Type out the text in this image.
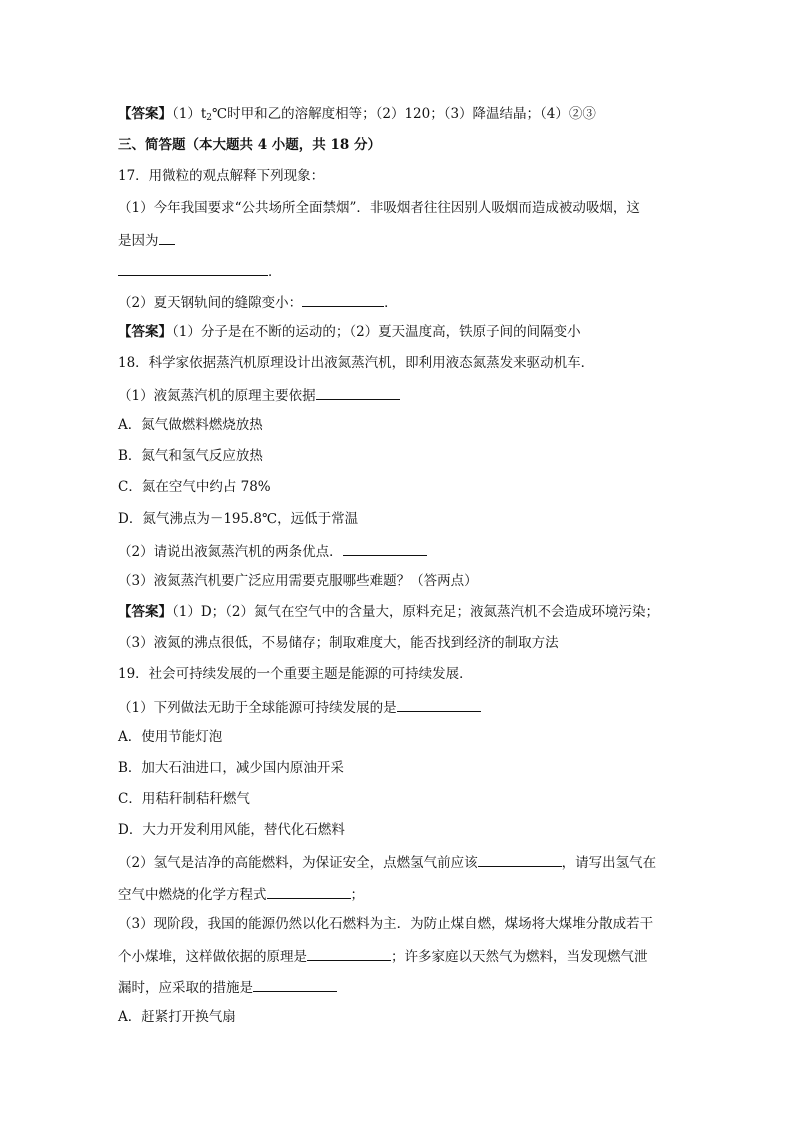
【答案】$(1)t_2℃$时甲和乙的溶解度相等；（2）120；（3）降温结晶；（4）②③
三、简答题（本大题共 4 小题，共 18 分）
17．用微粒的观点解释下列现象：
（1）今年我国要求“公共场所全面禁烟”．非吸烟者往往因别人吸烟而造成被动吸烟，这
是因为
．
（2）夏天钢轨间的缝隙变小：	．
【答案】（1）分子是在不断的运动的；（2）夏天温度高，铁原子间的间隔变小
18．科学家依据蒸汽机原理设计出液氮蒸汽机，即利用液态氮蒸发来驱动机车．
（1）液氮蒸汽机的原理主要依据
A．氮气做燃料燃烧放热
B．氮气和氢气反应放热
C．氮在空气中约占 78%
D．氮气沸点为－195.8℃，远低于常温
（2）请说出液氮蒸汽机的两条优点．
（3）液氮蒸汽机要广泛应用需要克服哪些难题？（答两点）
【答案】（1）D；（2）氮气在空气中的含量大，原料充足；液氮蒸汽机不会造成环境污染；
（3）液氮的沸点很低，不易储存；制取难度大，能否找到经济的制取方法
19．社会可持续发展的一个重要主题是能源的可持续发展．
（1）下列做法无助于全球能源可持续发展的是
A．使用节能灯泡
B．加大石油进口，减少国内原油开采
C．用秸秆制秸秆燃气
D．大力开发利用风能，替代化石燃料
（2）氢气是洁净的高能燃料，为保证安全，点燃氢气前应该	，请写出氢气在
空气中燃烧的化学方程式	；
（3）现阶段，我国的能源仍然以化石燃料为主．为防止煤自燃，煤场将大煤堆分散成若干
个小煤堆，这样做依据的原理是	；许多家庭以天然气为燃料，当发现燃气泄
漏时，应采取的措施是
A．赶紧打开换气扇
